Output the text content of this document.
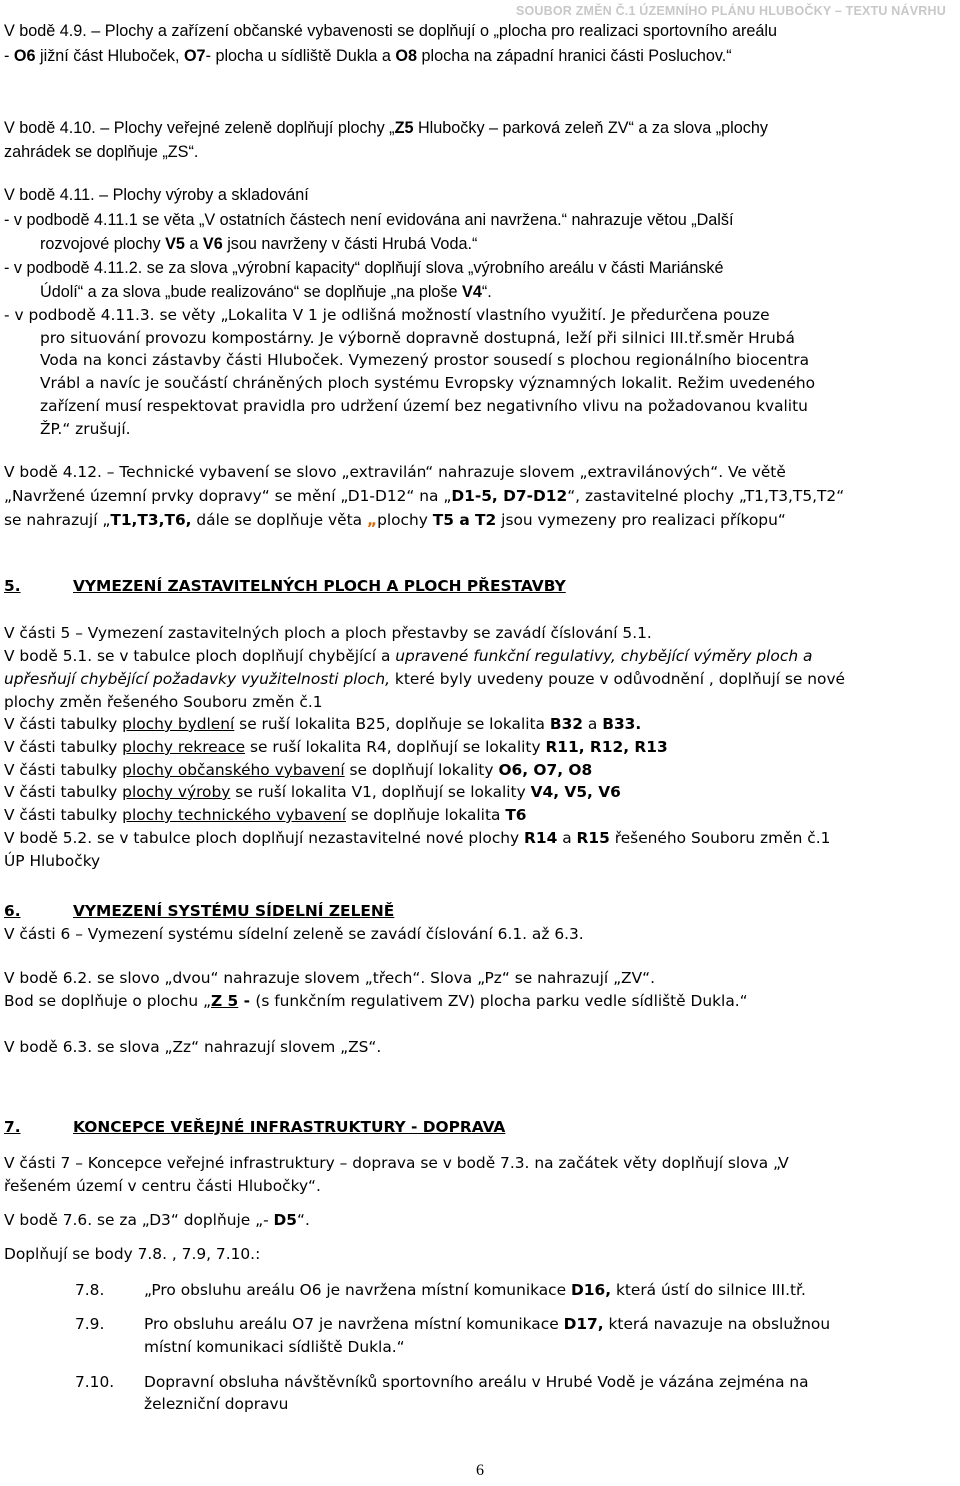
SOUBOR ZMĚN Č.1 ÚZEMNÍHO PLÁNU HLUBOČKY – TEXTU NÁVRHU
V bodě 4.9. – Plochy a zařízení občanské vybavenosti se doplňují o „plocha pro realizaci sportovního areálu
- O6 jižní část Hluboček, O7- plocha u sídliště Dukla a O8 plocha na západní hranici části Posluchov.“
V bodě 4.10. – Plochy veřejné zeleně doplňují plochy „Z5 Hlubočky – parková zeleň ZV“ a za slova „plochy
zahrádek se doplňuje „ZS“.
V bodě 4.11. – Plochy výroby a skladování
- v podbodě 4.11.1 se věta „V ostatních částech není evidována ani navržena.“ nahrazuje větou „Další
rozvojové plochy V5 a V6 jsou navrženy v části Hrubá Voda.“
- v podbodě 4.11.2. se za slova „výrobní kapacity“ doplňují slova „výrobního areálu v části Mariánské
Údolí“ a za slova „bude realizováno“ se doplňuje „na ploše V4“.
- v podbodě 4.11.3. se věty „Lokalita V 1 je odlišná možností vlastního využití. Je předurčena pouze
pro situování provozu kompostárny. Je výborně dopravně dostupná, leží při silnici III.tř.směr Hrubá
Voda na konci zástavby části Hluboček. Vymezený prostor sousedí s plochou regionálního biocentra
Vrábl a navíc je součástí chráněných ploch systému Evropsky významných lokalit. Režim uvedeného
zařízení musí respektovat pravidla pro udržení území bez negativního vlivu na požadovanou kvalitu
ŽP.“ zrušují.
V bodě 4.12. – Technické vybavení se slovo „extravilán“ nahrazuje slovem „extravilánových“. Ve větě
„Navržené územní prvky dopravy“ se mění „D1-D12“ na „D1-5, D7-D12“, zastavitelné plochy „T1,T3,T5,T2“
se nahrazují „T1,T3,T6, dále se doplňuje věta „plochy T5 a T2 jsou vymezeny pro realizaci příkopu“
5.	VYMEZENÍ ZASTAVITELNÝCH PLOCH A PLOCH PŘESTAVBY
V části 5 – Vymezení zastavitelných ploch a ploch přestavby se zavádí číslování 5.1.
V bodě 5.1. se v tabulce ploch doplňují chybějící a upravené funkční regulativy, chybějící výměry ploch a
upřesňují chybějící požadavky využitelnosti ploch, které byly uvedeny pouze v odůvodnění , doplňují se nové
plochy změn řešeného Souboru změn č.1
V části tabulky plochy bydlení se ruší lokalita B25, doplňuje se lokalita B32 a B33.
V části tabulky plochy rekreace se ruší lokalita R4, doplňují se lokality R11, R12, R13
V části tabulky plochy občanského vybavení se doplňují lokality O6, O7, O8
V části tabulky plochy výroby se ruší lokalita V1, doplňují se lokality V4, V5, V6
V části tabulky plochy technického vybavení se doplňuje lokalita T6
V bodě 5.2. se v tabulce ploch doplňují nezastavitelné nové plochy R14 a R15 řešeného Souboru změn č.1
ÚP Hlubočky
6.	VYMEZENÍ SYSTÉMU SÍDELNÍ ZELENĚ
V části 6 – Vymezení systému sídelní zeleně se zavádí číslování 6.1. až 6.3.
V bodě 6.2. se slovo „dvou“ nahrazuje slovem „třech“. Slova „Pz“ se nahrazují „ZV“.
Bod se doplňuje o plochu „Z 5 - (s funkčním regulativem ZV) plocha parku vedle sídliště Dukla.“
V bodě 6.3. se slova „Zz“ nahrazují slovem „ZS“.
7.	KONCEPCE VEŘEJNÉ INFRASTRUKTURY - DOPRAVA
V části 7 – Koncepce veřejné infrastruktury – doprava se v bodě 7.3. na začátek věty doplňují slova „V
řešeném území v centru části Hlubočky“.
V bodě 7.6. se za „D3“ doplňuje „- D5“.
Doplňují se body 7.8. , 7.9, 7.10.:
7.8.	„Pro obsluhu areálu O6 je navržena místní komunikace D16, která ústí do silnice III.tř.
7.9.	Pro obsluhu areálu O7 je navržena místní komunikace D17, která navazuje na obslužnou
místní komunikaci sídliště Dukla.“
7.10. Dopravní obsluha návštěvníků sportovního areálu v Hrubé Vodě je vázána zejména na
železniční dopravu
6
